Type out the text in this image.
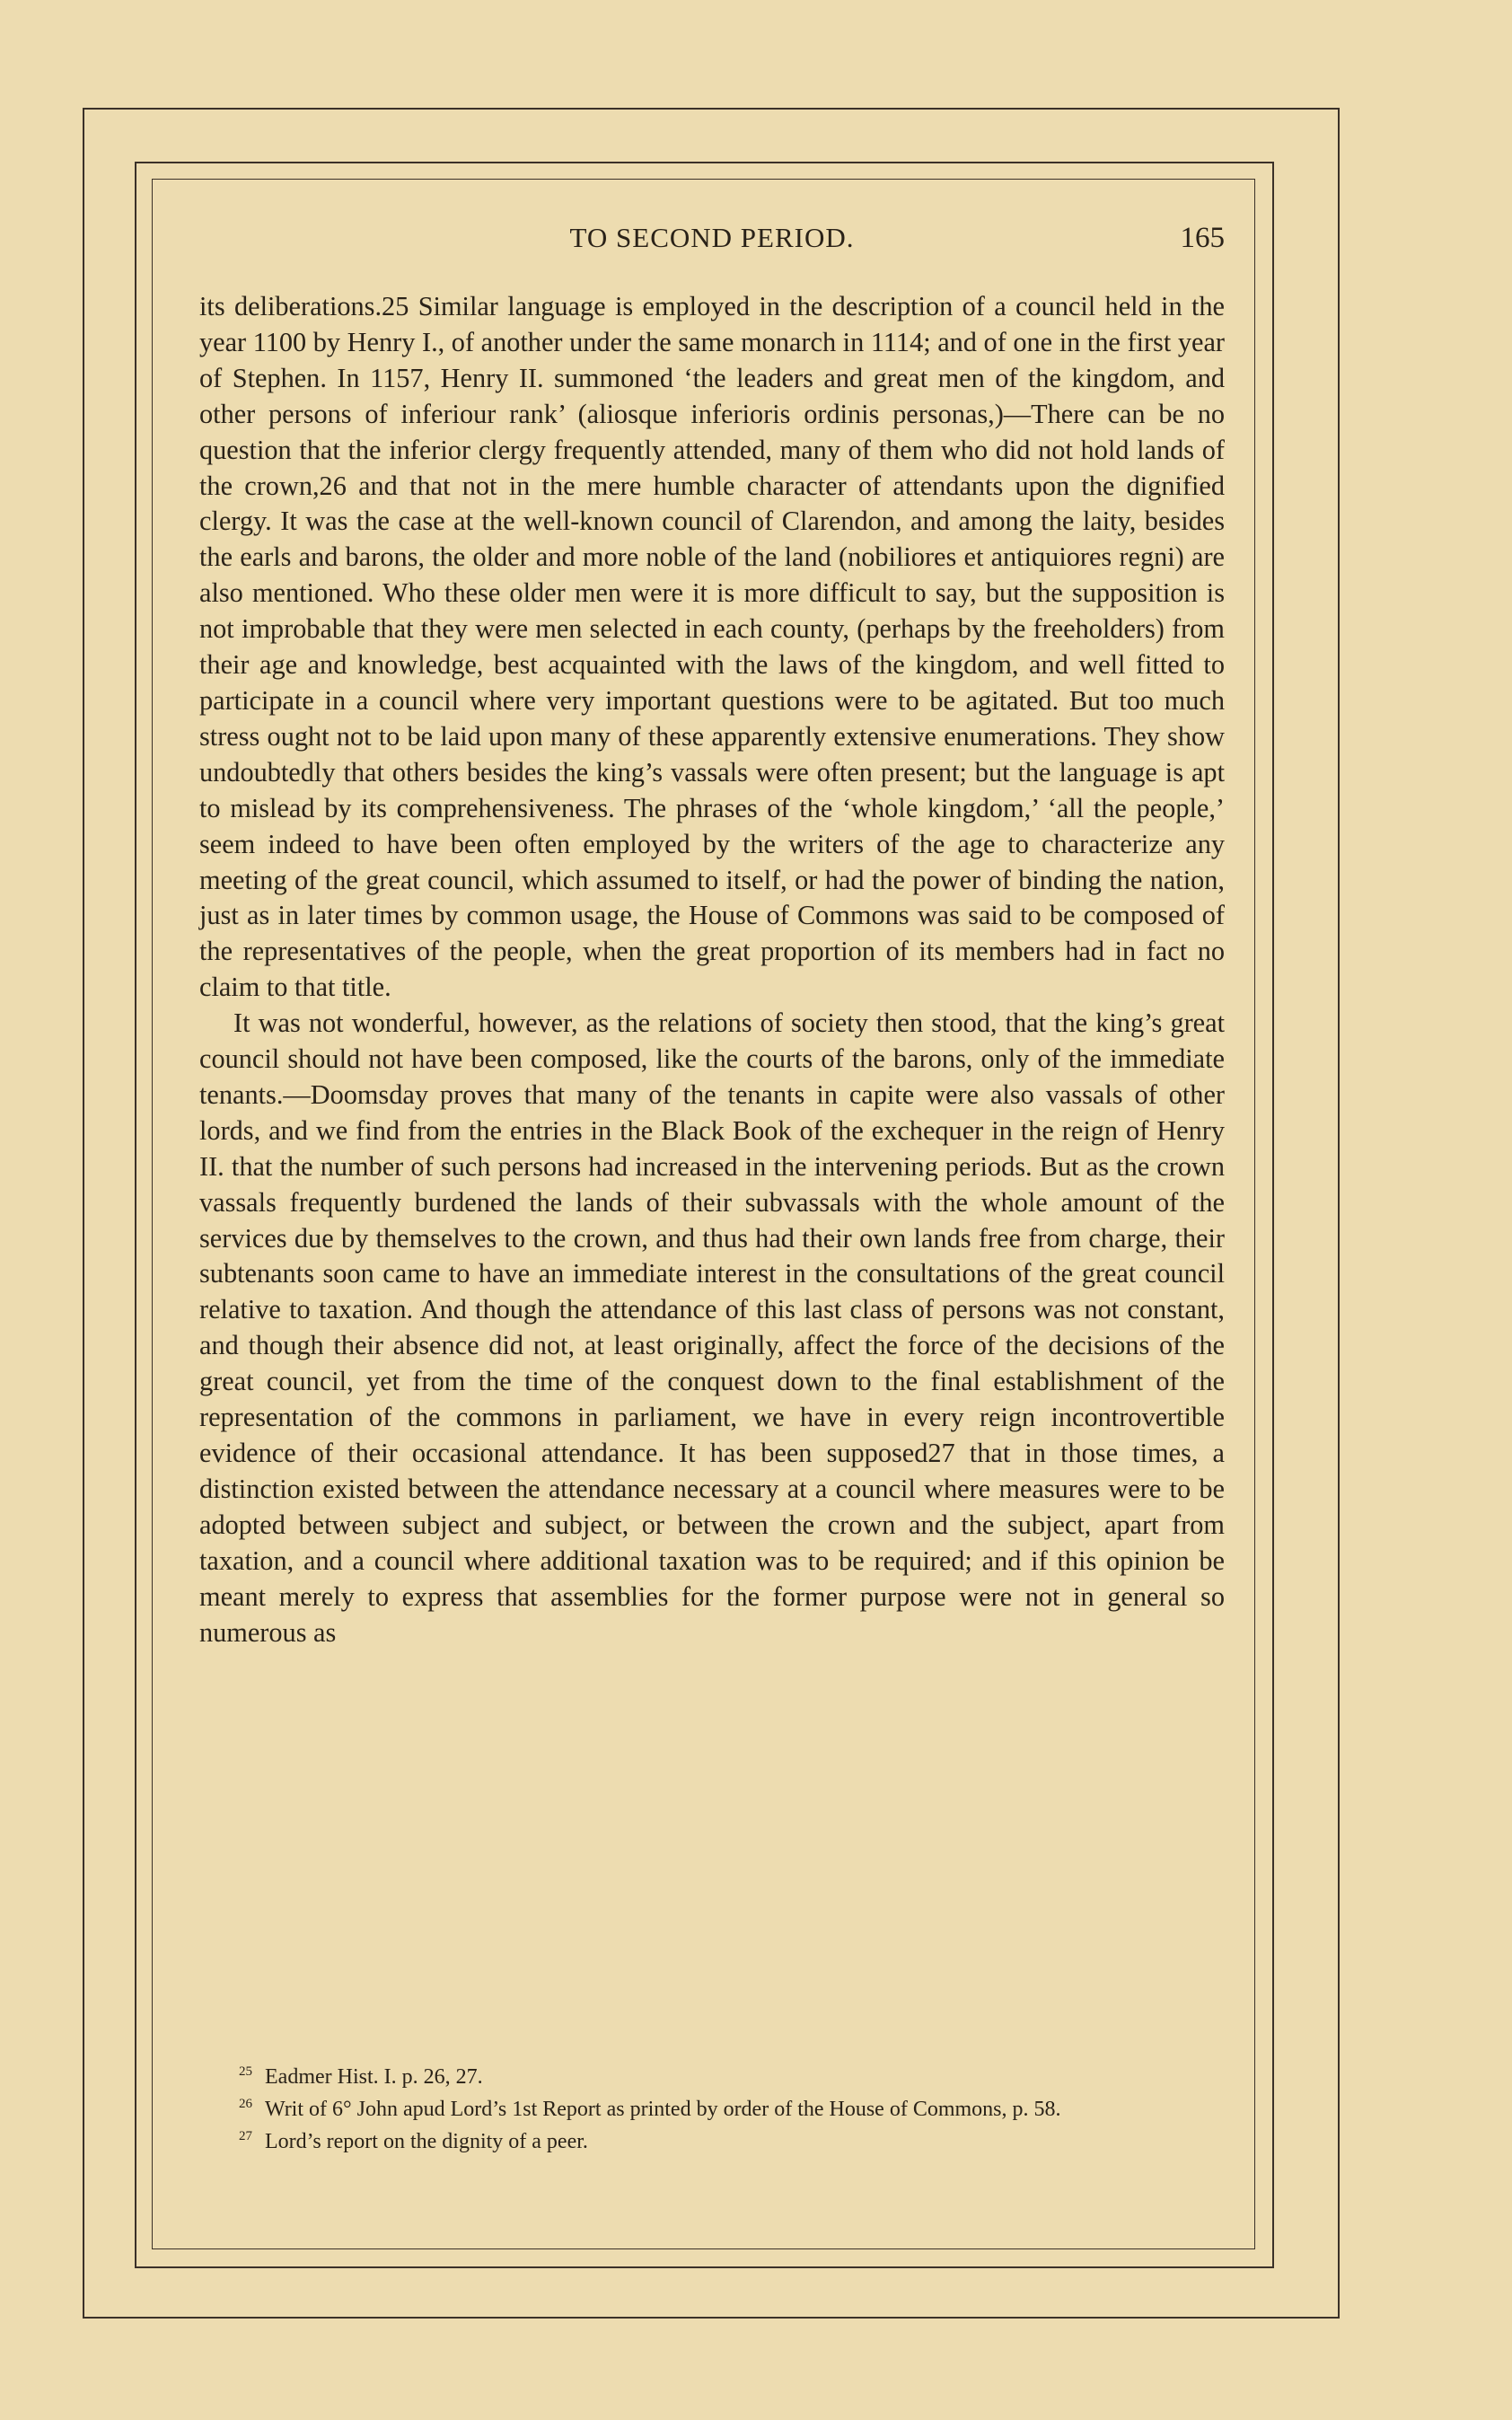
TO SECOND PERIOD.	165

its deliberations.25 Similar language is employed in the description of a council held in the year 1100 by Henry I., of another under the same monarch in 1114; and of one in the first year of Stephen. In 1157, Henry II. summoned ‘the leaders and great men of the kingdom, and other persons of inferiour rank’ (aliosque inferioris ordinis personas,)—There can be no question that the inferior clergy frequently attended, many of them who did not hold lands of the crown,26 and that not in the mere humble character of attendants upon the dignified clergy. It was the case at the well-known council of Clarendon, and among the laity, besides the earls and barons, the older and more noble of the land (nobiliores et antiquiores regni) are also mentioned. Who these older men were it is more difficult to say, but the supposition is not improbable that they were men selected in each county, (perhaps by the freeholders) from their age and knowledge, best acquainted with the laws of the kingdom, and well fitted to participate in a council where very important questions were to be agitated. But too much stress ought not to be laid upon many of these apparently extensive enumerations. They show undoubtedly that others besides the king’s vassals were often present; but the language is apt to mislead by its comprehensiveness. The phrases of the ‘whole kingdom,’ ‘all the people,’ seem indeed to have been often employed by the writers of the age to characterize any meeting of the great council, which assumed to itself, or had the power of binding the nation, just as in later times by common usage, the House of Commons was said to be composed of the representatives of the people, when the great proportion of its members had in fact no claim to that title.

It was not wonderful, however, as the relations of society then stood, that the king’s great council should not have been composed, like the courts of the barons, only of the immediate tenants.—Doomsday proves that many of the tenants in capite were also vassals of other lords, and we find from the entries in the Black Book of the exchequer in the reign of Henry II. that the number of such persons had increased in the intervening periods. But as the crown vassals frequently burdened the lands of their subvassals with the whole amount of the services due by themselves to the crown, and thus had their own lands free from charge, their subtenants soon came to have an immediate interest in the consultations of the great council relative to taxation. And though the attendance of this last class of persons was not constant, and though their absence did not, at least originally, affect the force of the decisions of the great council, yet from the time of the conquest down to the final establishment of the representation of the commons in parliament, we have in every reign incontrovertible evidence of their occasional attendance. It has been supposed27 that in those times, a distinction existed between the attendance necessary at a council where measures were to be adopted between subject and subject, or between the crown and the subject, apart from taxation, and a council where additional taxation was to be required; and if this opinion be meant merely to express that assemblies for the former purpose were not in general so numerous as

$^{25}$ Eadmer Hist. I. p. 26, 27.

$^{26}$ Writ of 6° John apud Lord’s 1st Report as printed by order of the House of Commons, p. 58.

$^{27}$ Lord’s report on the dignity of a peer.
